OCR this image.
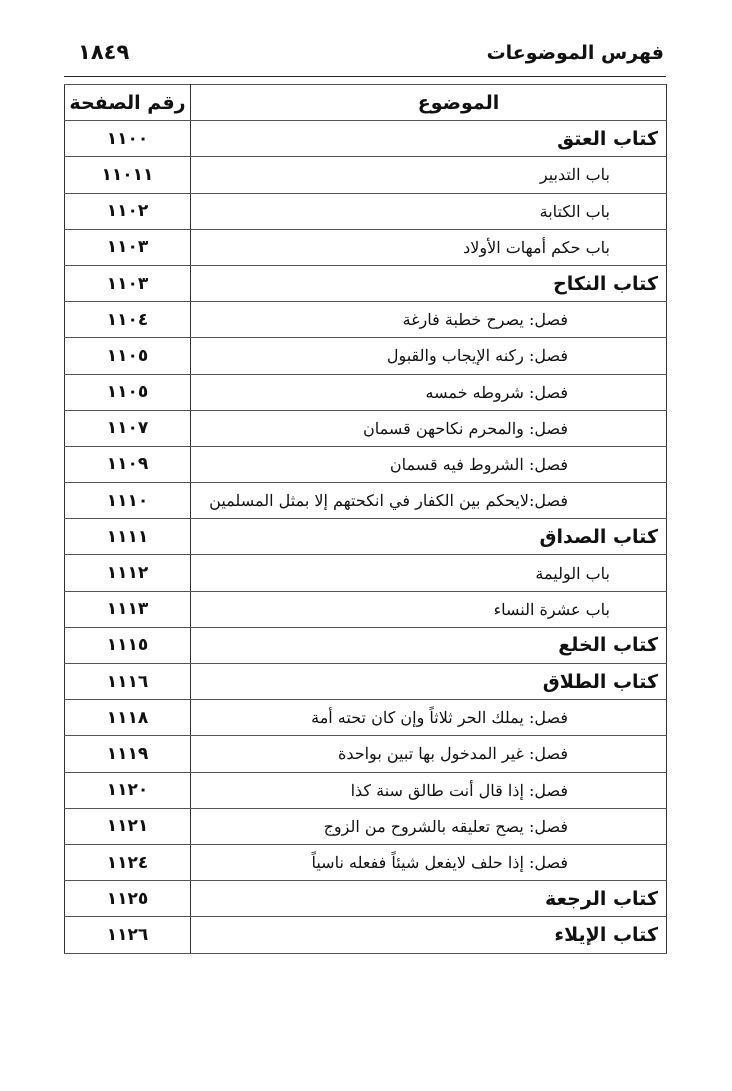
فهرس الموضوعات
١٨٤٩
رقم الصفحة	الموضوع
١١٠٠	كتاب العتق
١١٠١١	باب التدبير
١١٠٢	باب الكتابة
١١٠٣	باب حكم أمهات الأولاد
١١٠٣	كتاب النكاح
١١٠٤	فصل: يصرح خطبة فارغة
١١٠٥	فصل: ركنه الإيجاب والقبول
١١٠٥	فصل: شروطه خمسه
١١٠٧	فصل: والمحرم نكاحهن قسمان
١١٠٩	فصل: الشروط فيه قسمان
١١١٠	فصل:لايحكم بين الكفار في انكحتهم إلا بمثل المسلمين
١١١١	كتاب الصداق
١١١٢	باب الوليمة
١١١٣	باب عشرة النساء
١١١٥	كتاب الخلع
١١١٦	كتاب الطلاق
١١١٨	فصل: يملك الحر ثلاثاً وإن كان تحته أمة
١١١٩	فصل: غير المدخول بها تبين بواحدة
١١٢٠	فصل: إذا قال أنت طالق سنة كذا
١١٢١	فصل: يصح تعليقه بالشروح من الزوج
١١٢٤	فصل: إذا حلف لايفعل شيئاً ففعله ناسياً
١١٢٥	كتاب الرجعة
١١٢٦	كتاب الإيلاء
